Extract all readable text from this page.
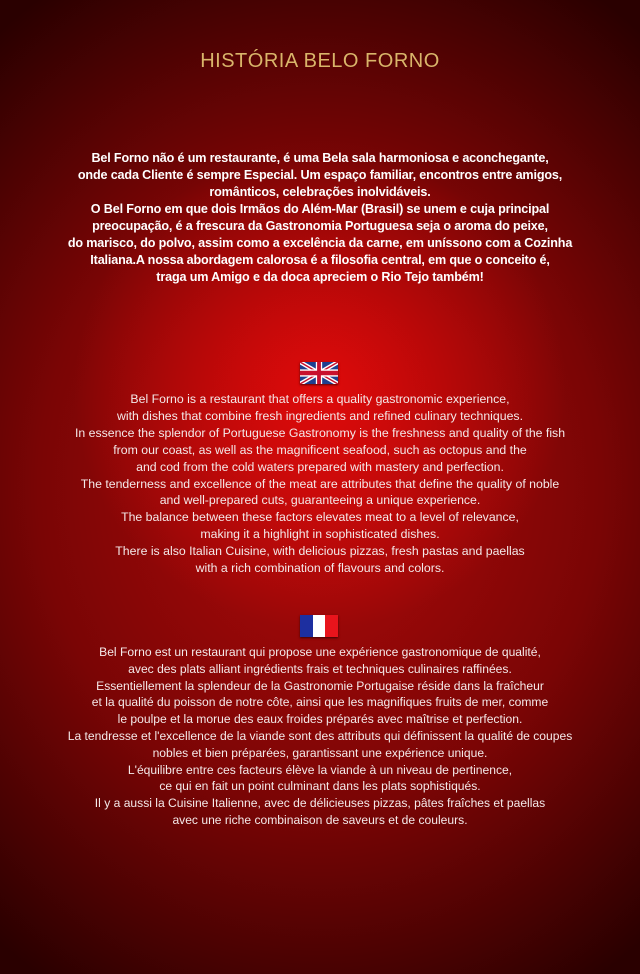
HISTÓRIA BELO FORNO
Bel Forno não é um restaurante, é uma Bela sala harmoniosa e aconchegante,
onde cada Cliente é sempre Especial. Um espaço familiar, encontros entre amigos,
românticos, celebrações inolvidáveis.
O Bel Forno em que dois Irmãos do Além-Mar (Brasil) se unem e cuja principal
preocupação, é a frescura da Gastronomia Portuguesa seja o aroma do peixe,
do marisco, do polvo, assim como a excelência da carne, em uníssono com a Cozinha
Italiana.A nossa abordagem calorosa é a filosofia central, em que o conceito é,
traga um Amigo e da doca apreciem o Rio Tejo também!
Bel Forno is a restaurant that offers a quality gastronomic experience,
with dishes that combine fresh ingredients and refined culinary techniques.
In essence the splendor of Portuguese Gastronomy is the freshness and quality of the fish
from our coast, as well as the magnificent seafood, such as octopus and the
and cod from the cold waters prepared with mastery and perfection.
The tenderness and excellence of the meat are attributes that define the quality of noble
and well-prepared cuts, guaranteeing a unique experience.
The balance between these factors elevates meat to a level of relevance,
making it a highlight in sophisticated dishes.
There is also Italian Cuisine, with delicious pizzas, fresh pastas and paellas
with a rich combination of flavours and colors.
Bel Forno est un restaurant qui propose une expérience gastronomique de qualité,
avec des plats alliant ingrédients frais et techniques culinaires raffinées.
Essentiellement la splendeur de la Gastronomie Portugaise réside dans la fraîcheur
et la qualité du poisson de notre côte, ainsi que les magnifiques fruits de mer, comme
le poulpe et la morue des eaux froides préparés avec maîtrise et perfection.
La tendresse et l'excellence de la viande sont des attributs qui définissent la qualité de coupes
nobles et bien préparées, garantissant une expérience unique.
L'équilibre entre ces facteurs élève la viande à un niveau de pertinence,
ce qui en fait un point culminant dans les plats sophistiqués.
Il y a aussi la Cuisine Italienne, avec de délicieuses pizzas, pâtes fraîches et paellas
avec une riche combinaison de saveurs et de couleurs.
